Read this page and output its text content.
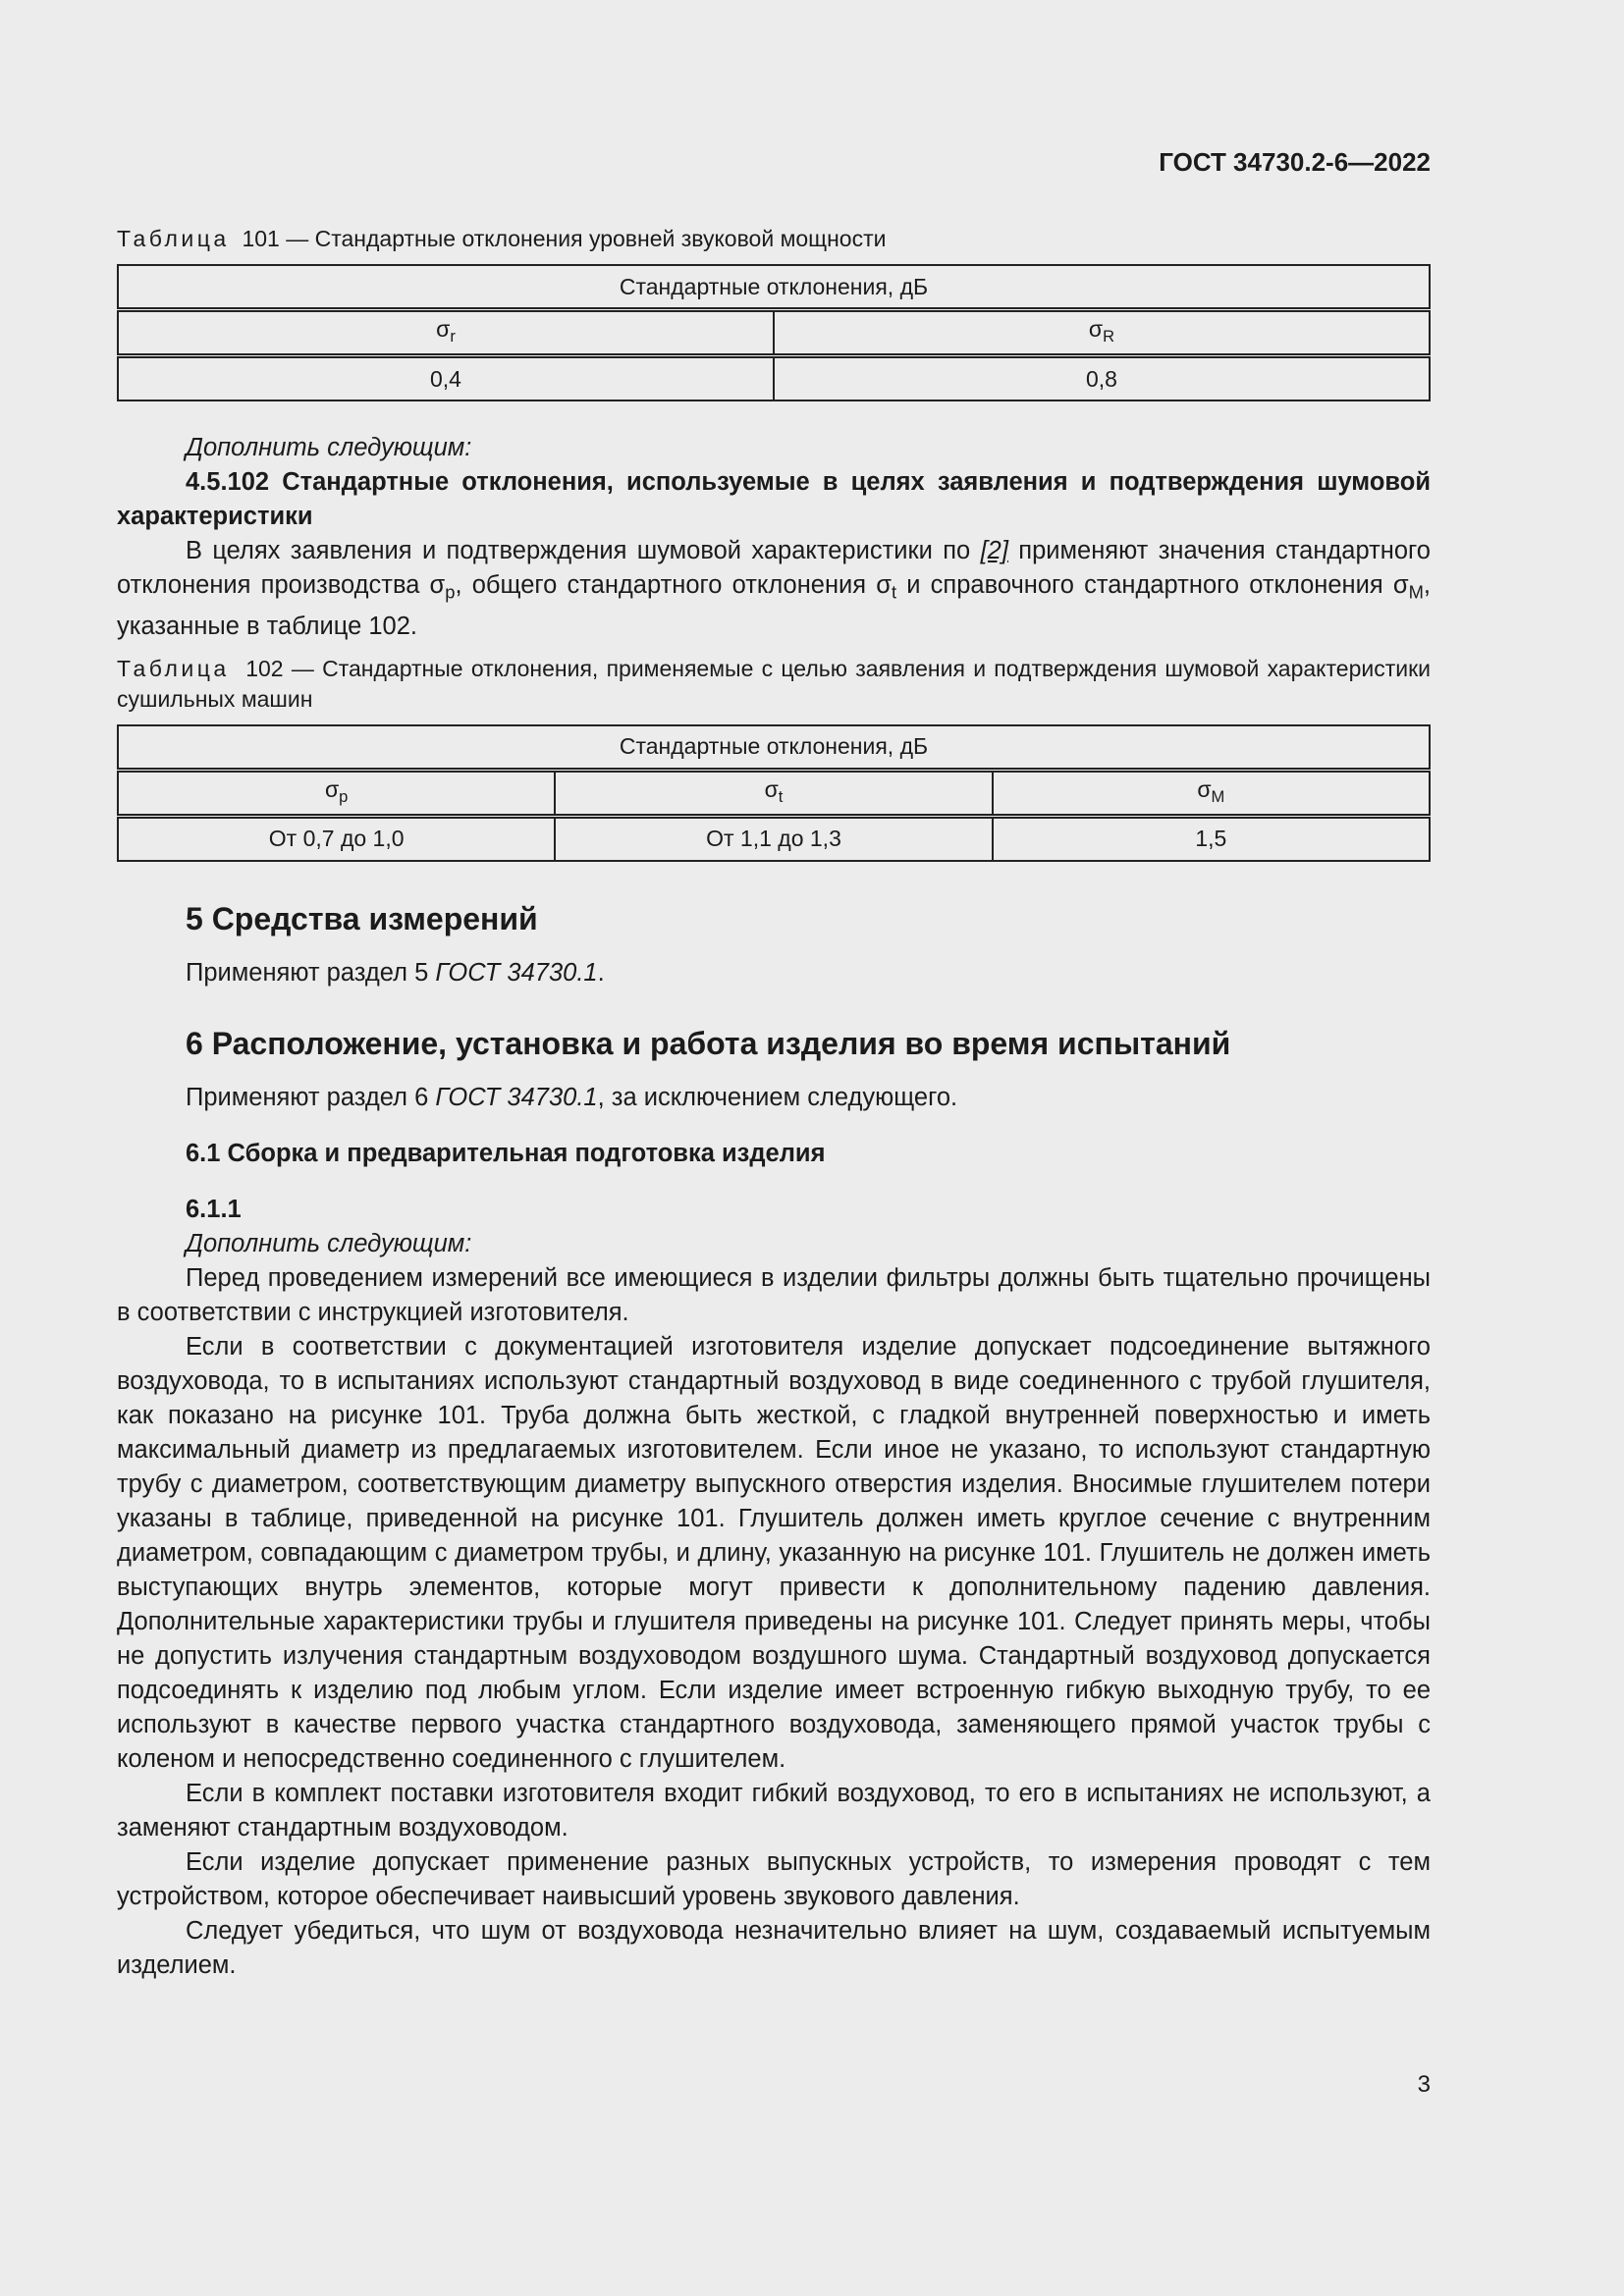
ГОСТ 34730.2-6—2022

Таблица 101 — Стандартные отклонения уровней звуковой мощности

Стандартные отклонения, дБ	
$\sigma_r$	$\sigma_R$
0,4	0,8

Дополнить следующим:

4.5.102 Стандартные отклонения, используемые в целях заявления и подтверждения шумовой характеристики

В целях заявления и подтверждения шумовой характеристики по [2] применяют значения стандартного отклонения производства $\sigma_p$, общего стандартного отклонения $\sigma_t$ и справочного стандартного отклонения $\sigma_M$, указанные в таблице 102.

Таблица 102 — Стандартные отклонения, применяемые с целью заявления и подтверждения шумовой характеристики сушильных машин

Стандартные отклонения, дБ		
$\sigma_p$	$\sigma_t$	$\sigma_M$
От 0,7 до 1,0	От 1,1 до 1,3	1,5
5 Средства измерений

Применяют раздел 5 ГОСТ 34730.1.

6 Расположение, установка и работа изделия во время испытаний

Применяют раздел 6 ГОСТ 34730.1, за исключением следующего.

6.1 Сборка и предварительная подготовка изделия

6.1.1

Дополнить следующим:

Перед проведением измерений все имеющиеся в изделии фильтры должны быть тщательно прочищены в соответствии с инструкцией изготовителя.

Если в соответствии с документацией изготовителя изделие допускает подсоединение вытяжного воздуховода, то в испытаниях используют стандартный воздуховод в виде соединенного с трубой глушителя, как показано на рисунке 101. Труба должна быть жесткой, с гладкой внутренней поверхностью и иметь максимальный диаметр из предлагаемых изготовителем. Если иное не указано, то используют стандартную трубу с диаметром, соответствующим диаметру выпускного отверстия изделия. Вносимые глушителем потери указаны в таблице, приведенной на рисунке 101. Глушитель должен иметь круглое сечение с внутренним диаметром, совпадающим с диаметром трубы, и длину, указанную на рисунке 101. Глушитель не должен иметь выступающих внутрь элементов, которые могут привести к дополнительному падению давления. Дополнительные характеристики трубы и глушителя приведены на рисунке 101. Следует принять меры, чтобы не допустить излучения стандартным воздуховодом воздушного шума. Стандартный воздуховод допускается подсоединять к изделию под любым углом. Если изделие имеет встроенную гибкую выходную трубу, то ее используют в качестве первого участка стандартного воздуховода, заменяющего прямой участок трубы с коленом и непосредственно соединенного с глушителем.

Если в комплект поставки изготовителя входит гибкий воздуховод, то его в испытаниях не используют, а заменяют стандартным воздуховодом.

Если изделие допускает применение разных выпускных устройств, то измерения проводят с тем устройством, которое обеспечивает наивысший уровень звукового давления.

Следует убедиться, что шум от воздуховода незначительно влияет на шум, создаваемый испытуемым изделием.

3
